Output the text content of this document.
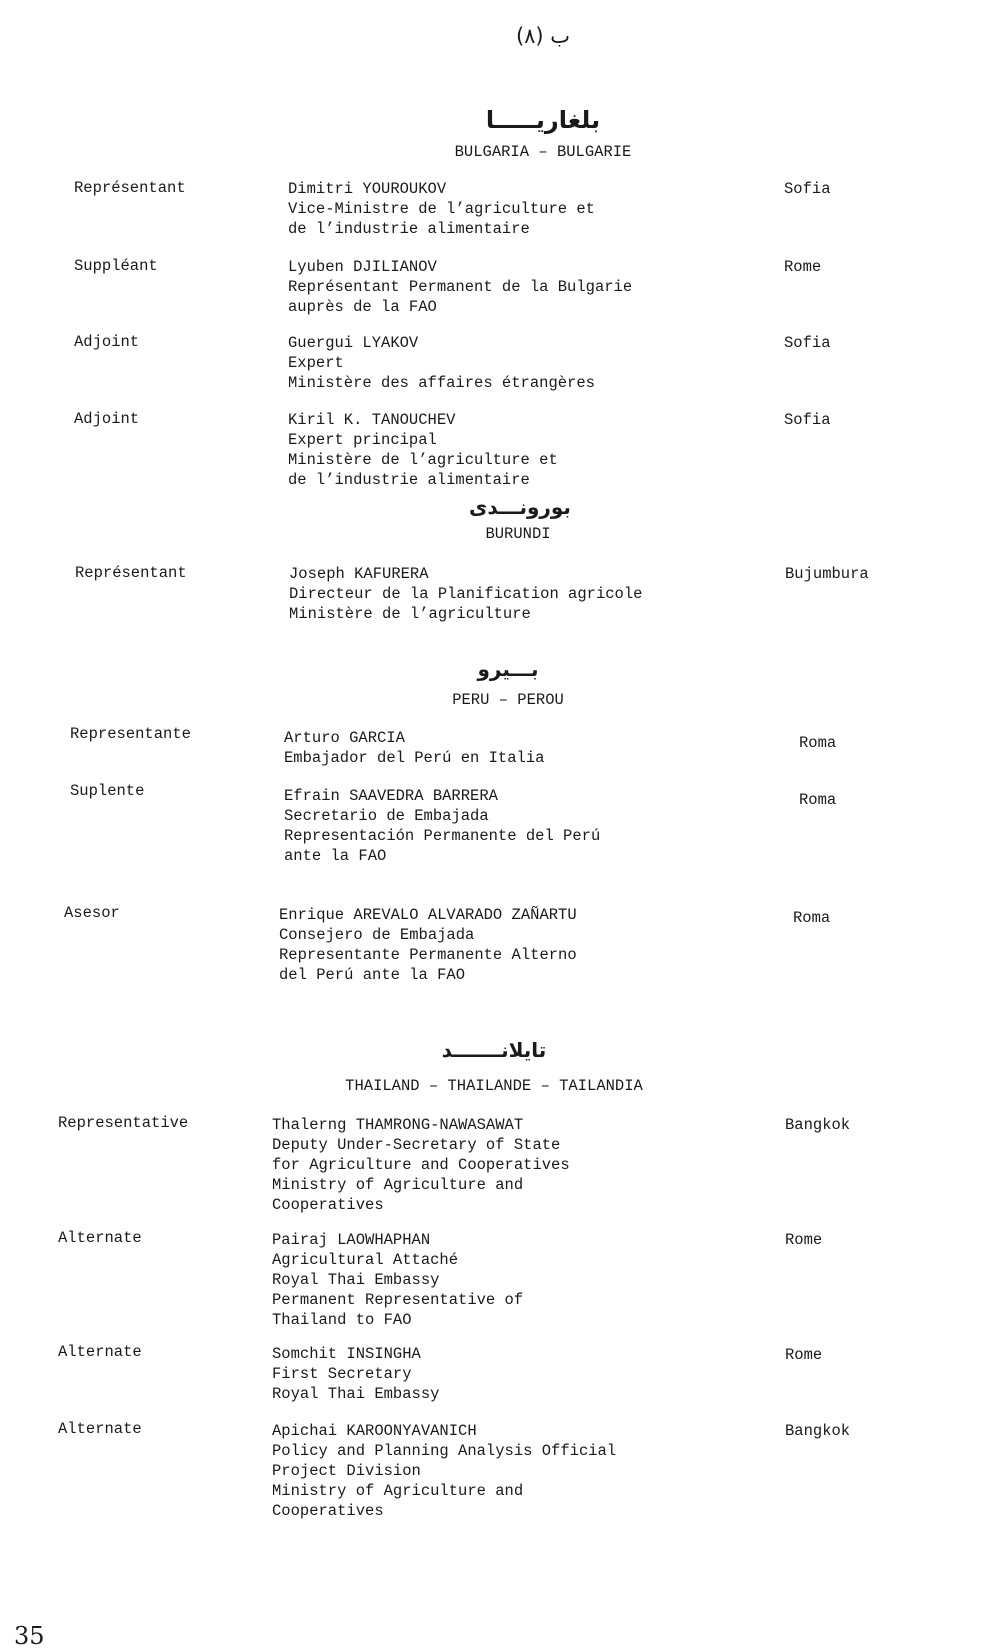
ب (٨)
بلغاريـــــا
BULGARIA – BULGARIE
Représentant	Dimitri YOUROUKOV
Vice-Ministre de l’agriculture et
de l’industrie alimentaire
Sofia
Suppléant	Lyuben DJILIANOV
Représentant Permanent de la Bulgarie
auprès de la FAO
Rome
Adjoint	Guergui LYAKOV
Expert
Ministère des affaires étrangères
Sofia
Adjoint	Kiril K. TANOUCHEV
Expert principal
Ministère de l’agriculture et
de l’industrie alimentaire
Sofia
بورونـــدى
BURUNDI
Représentant	Joseph KAFURERA
Directeur de la Planification agricole
Ministère de l’agriculture
Bujumbura
بـــيرو
PERU – PEROU
Representante	Arturo GARCIA
Embajador del Perú en Italia
Roma
Suplente	Efrain SAAVEDRA BARRERA
Secretario de Embajada
Representación Permanente del Perú
ante la FAO
Roma
Asesor	Enrique AREVALO ALVARADO ZAÑARTU
Consejero de Embajada
Representante Permanente Alterno
del Perú ante la FAO
Roma
تايلانـــــــد
THAILAND – THAILANDE – TAILANDIA
Representative	Thalerng THAMRONG-NAWASAWAT
Deputy Under-Secretary of State
for Agriculture and Cooperatives
Ministry of Agriculture and
Cooperatives
Bangkok
Alternate	Pairaj LAOWHAPHAN
Agricultural Attaché
Royal Thai Embassy
Permanent Representative of
Thailand to FAO
Rome
Alternate	Somchit INSINGHA
First Secretary
Royal Thai Embassy
Rome
Alternate	Apichai KAROONYAVANICH
Policy and Planning Analysis Official
Project Division
Ministry of Agriculture and
Cooperatives
Bangkok
35
